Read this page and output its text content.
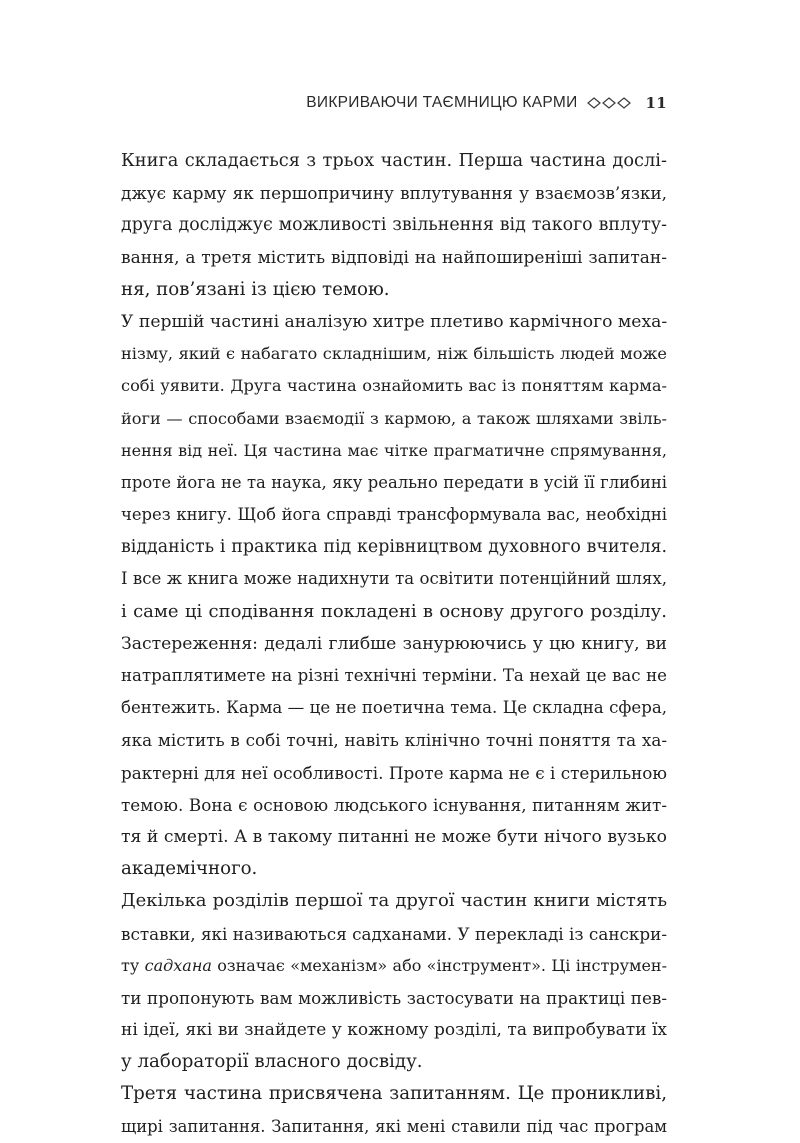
ВИКРИВАЮЧИ ТАЄМНИЦЮ КАРМИ	11
Книга складається з трьох частин. Перша частина дослі-
джує карму як першопричину вплутування у взаємозв’язки,
друга досліджує можливості звільнення від такого вплуту-
вання, а третя містить відповіді на найпоширеніші запитан-
ня, пов’язані із цією темою.
У першій частині аналізую хитре плетиво кармічного меха-
нізму, який є набагато складнішим, ніж більшість людей може
собі уявити. Друга частина ознайомить вас із поняттям карма-
йоги — способами взаємодії з кармою, а також шляхами звіль-
нення від неї. Ця частина має чітке прагматичне спрямування,
проте йога не та наука, яку реально передати в усій її глибині
через книгу. Щоб йога справді трансформувала вас, необхідні
відданість і практика під керівництвом духовного вчителя.
І все ж книга може надихнути та освітити потенційний шлях,
і саме ці сподівання покладені в основу другого розділу.
Застереження: дедалі глибше занурюючись у цю книгу, ви
натраплятимете на різні технічні терміни. Та нехай це вас не
бентежить. Карма — це не поетична тема. Це складна сфера,
яка містить в собі точні, навіть клінічно точні поняття та ха-
рактерні для неї особливості. Проте карма не є і стерильною
темою. Вона є основою людського існування, питанням жит-
тя й смерті. А в такому питанні не може бути нічого вузько
академічного.
Декілька розділів першої та другої частин книги містять
вставки, які називаються садханами. У перекладі із санскри-
ту садхана означає «механізм» або «інструмент». Ці інструмен-
ти пропонують вам можливість застосувати на практиці пев-
ні ідеї, які ви знайдете у кожному розділі, та випробувати їх
у лабораторії власного досвіду.
Третя частина присвячена запитанням. Це проникливі,
щирі запитання. Запитання, які мені ставили під час програм
